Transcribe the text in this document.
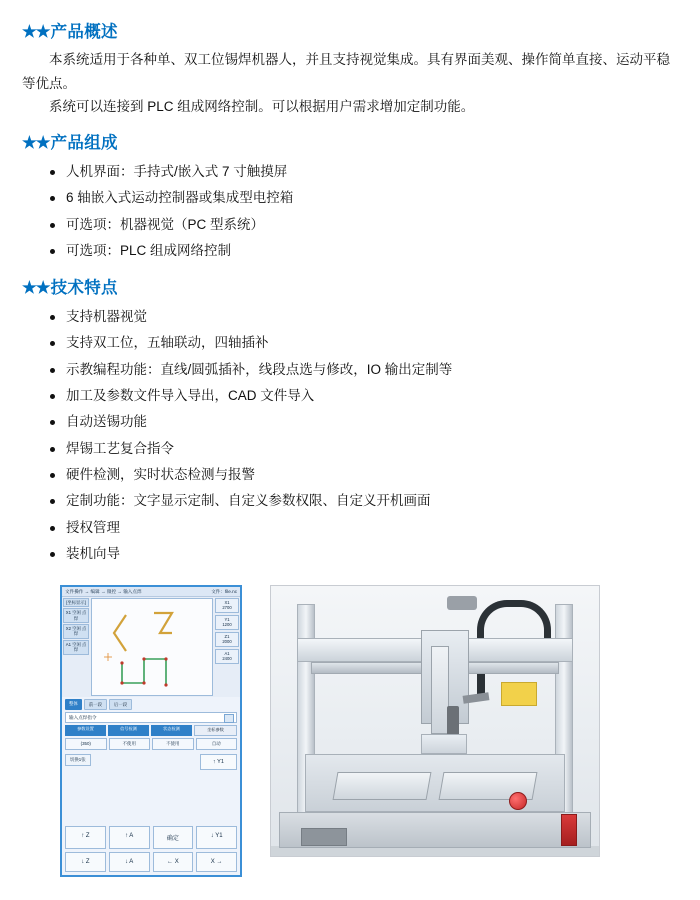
★★产品概述

本系统适用于各种单、双工位锡焊机器人，并且支持视觉集成。具有界面美观、操作简单直接、运动平稳等优点。

系统可以连接到 PLC 组成网络控制。可以根据用户需求增加定制功能。

★★产品组成
人机界面：手持式/嵌入式 7 寸触摸屏
6 轴嵌入式运动控制器或集成型电控箱
可选项：机器视觉（PC 型系统）
可选项：PLC 组成网络控制
★★技术特点
支持机器视觉
支持双工位，五轴联动，四轴插补
示教编程功能：直线/圆弧插补，线段点选与修改，IO 输出定制等
加工及参数文件导入导出，CAD 文件导入
自动送锡功能
焊锡工艺复合指令
硬件检测，实时状态检测与报警
定制功能：文字显示定制、自定义参数权限、自定义开机画面
授权管理
装机向导
文件操作 → 编辑 → 微控 → 输入点焊	文件：file.nc
[坐标显示]
X1 空闲 点焊
X2 空闲 点焊
A1 空闲 点焊
X1
2700
Y1
1200
Z1
2000
A1
2400
整体	前一段	后一段
输入点焊指令
参数设置	信号检测	状态检测	坐标参数
(350)	不使用	不使用	自动
切换1张	↑ Y1
↑ Z	↑ A	确定	↓ Y1
↓ Z	↓ A	← X	X →
